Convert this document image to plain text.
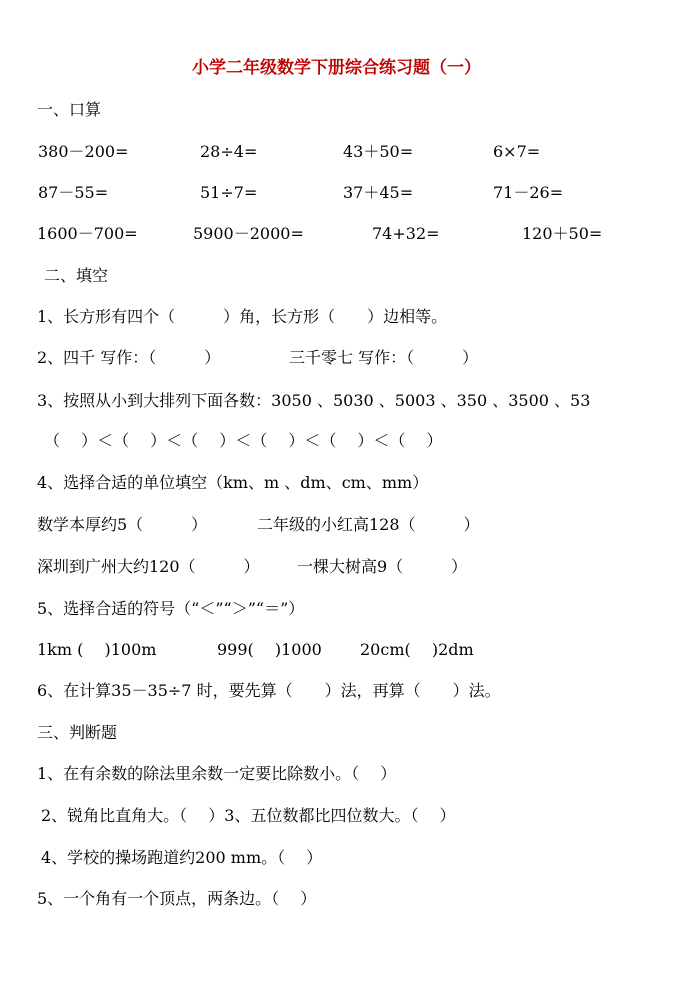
小学二年级数学下册综合练习题（一）
一、口算
380－200=	28÷4=	43＋50=	6×7=
87－55=	51÷7=	37＋45=	71－26=
1600－700=	5900－2000=	74+32=	120＋50=
二、填空
1、长方形有四个（　　　）角，长方形（　　）边相等。
2、四千 写作：（　　　）	三千零七 写作：（　　　）
3、按照从小到大排列下面各数：3050 、5030 、5003 、350 、3500 、53
（　 ）＜（　 ）＜（　 ）＜（　 ）＜（　 ）＜（　 ）
4、选择合适的单位填空（km、m 、dm、cm、mm）
数学本厚约5（　　　）	二年级的小红高128（　　　）
深圳到广州大约120（　　　） 一棵大树高9（　　　）
5、选择合适的符号（“＜”“＞”“＝”）
1km (　 )100m	999(　 )1000 20cm(　 )2dm
6、在计算35－35÷7 时，要先算（　　）法，再算（　　）法。
三、判断题
1、在有余数的除法里余数一定要比除数小。（　 ）
2、锐角比直角大。（　 ）3、五位数都比四位数大。（　 ）
4、学校的操场跑道约200 mm。（　 ）
5、一个角有一个顶点，两条边。（　 ）
